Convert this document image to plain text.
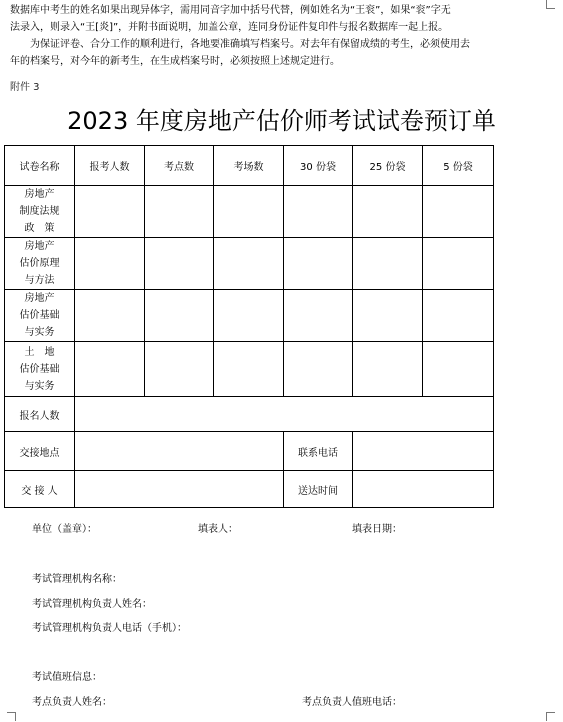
数据库中考生的姓名如果出现异体字，需用同音字加中括号代替，例如姓名为“王衮”，如果“衮”字无
法录入，则录入“王[炎]”，并附书面说明，加盖公章，连同身份证件复印件与报名数据库一起上报。
为保证评卷、合分工作的顺利进行，各地要准确填写档案号。对去年有保留成绩的考生，必须使用去
年的档案号，对今年的新考生，在生成档案号时，必须按照上述规定进行。
附件 3
2023 年度房地产估价师考试试卷预订单
试卷名称	报考人数	考点数	考场数	30 份袋	25 份袋	5 份袋

房地产
制度法规
政　策						

房地产
估价原理
与方法						

房地产
估价基础
与实务						

土　地
估价基础
与实务						

报名人数						
交接地点				联系电话		
交 接 人				送达时间		
单位（盖章）：	填表人：	填表日期：
考试管理机构名称：
考试管理机构负责人姓名：
考试管理机构负责人电话（手机）：
考试值班信息：
考点负责人姓名：	考点负责人值班电话：
